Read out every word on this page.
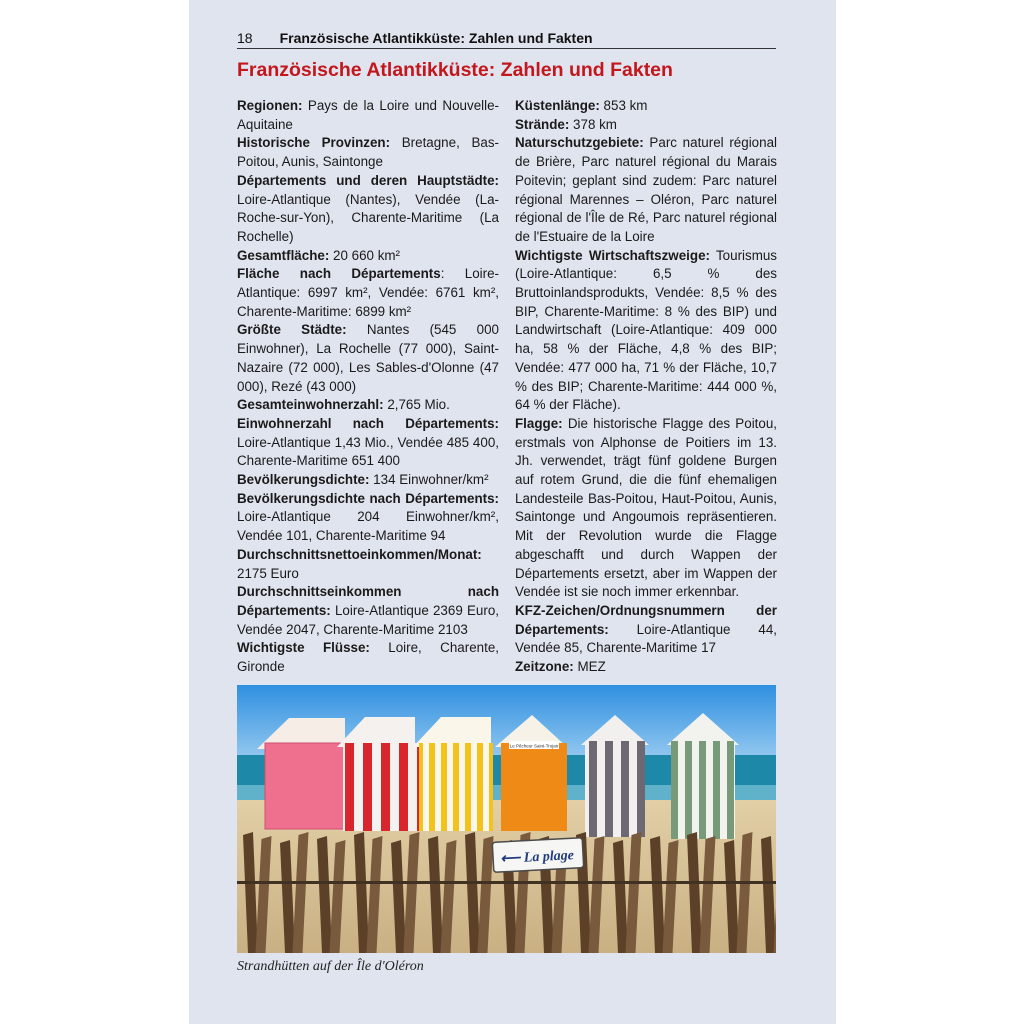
18 Französische Atlantikküste: Zahlen und Fakten
Französische Atlantikküste: Zahlen und Fakten

Regionen: Pays de la Loire und Nouvelle-Aquitaine

Historische Provinzen: Bretagne, Bas-Poitou, Aunis, Saintonge

Départements und deren Hauptstädte: Loire-Atlantique (Nantes), Vendée (La-Roche-sur-Yon), Charente-Maritime (La Rochelle)

Gesamtfläche: 20 660 km²

Fläche nach Départements: Loire-Atlantique: 6997 km², Vendée: 6761 km², Charente-Maritime: 6899 km²

Größte Städte: Nantes (545 000 Einwohner), La Rochelle (77 000), Saint-Nazaire (72 000), Les Sables-d'Olonne (47 000), Rezé (43 000)

Gesamteinwohnerzahl: 2,765 Mio.

Einwohnerzahl nach Départements: Loire-Atlantique 1,43 Mio., Vendée 485 400, Charente-Maritime 651 400

Bevölkerungsdichte: 134 Einwohner/km²

Bevölkerungsdichte nach Départements: Loire-Atlantique 204 Einwohner/km², Vendée 101, Charente-Maritime 94

Durchschnittsnettoeinkommen/Monat: 2175 Euro

Durchschnittseinkommen nach Départements: Loire-Atlantique 2369 Euro, Vendée 2047, Charente-Maritime 2103

Wichtigste Flüsse: Loire, Charente, Gironde

Küstenlänge: 853 km

Strände: 378 km

Naturschutzgebiete: Parc naturel régional de Brière, Parc naturel régional du Marais Poitevin; geplant sind zudem: Parc naturel régional Marennes – Oléron, Parc naturel régional de l'Île de Ré, Parc naturel régional de l'Estuaire de la Loire

Wichtigste Wirtschaftszweige: Tourismus (Loire-Atlantique: 6,5 % des Bruttoinlandsprodukts, Vendée: 8,5 % des BIP, Charente-Maritime: 8 % des BIP) und Landwirtschaft (Loire-Atlantique: 409 000 ha, 58 % der Fläche, 4,8 % des BIP; Vendée: 477 000 ha, 71 % der Fläche, 10,7 % des BIP; Charente-Maritime: 444 000 %, 64 % der Fläche).

Flagge: Die historische Flagge des Poitou, erstmals von Alphonse de Poitiers im 13. Jh. verwendet, trägt fünf goldene Burgen auf rotem Grund, die die fünf ehemaligen Landesteile Bas-Poitou, Haut-Poitou, Aunis, Saintonge und Angoumois repräsentieren. Mit der Revolution wurde die Flagge abgeschafft und durch Wappen der Départements ersetzt, aber im Wappen der Vendée ist sie noch immer erkennbar.

KFZ-Zeichen/Ordnungsnummern der Départements: Loire-Atlantique 44, Vendée 85, Charente-Maritime 17

Zeitzone: MEZ

Le Pêcheur Saint-Trojan
⟵ La plage
Strandhütten auf der Île d'Oléron
